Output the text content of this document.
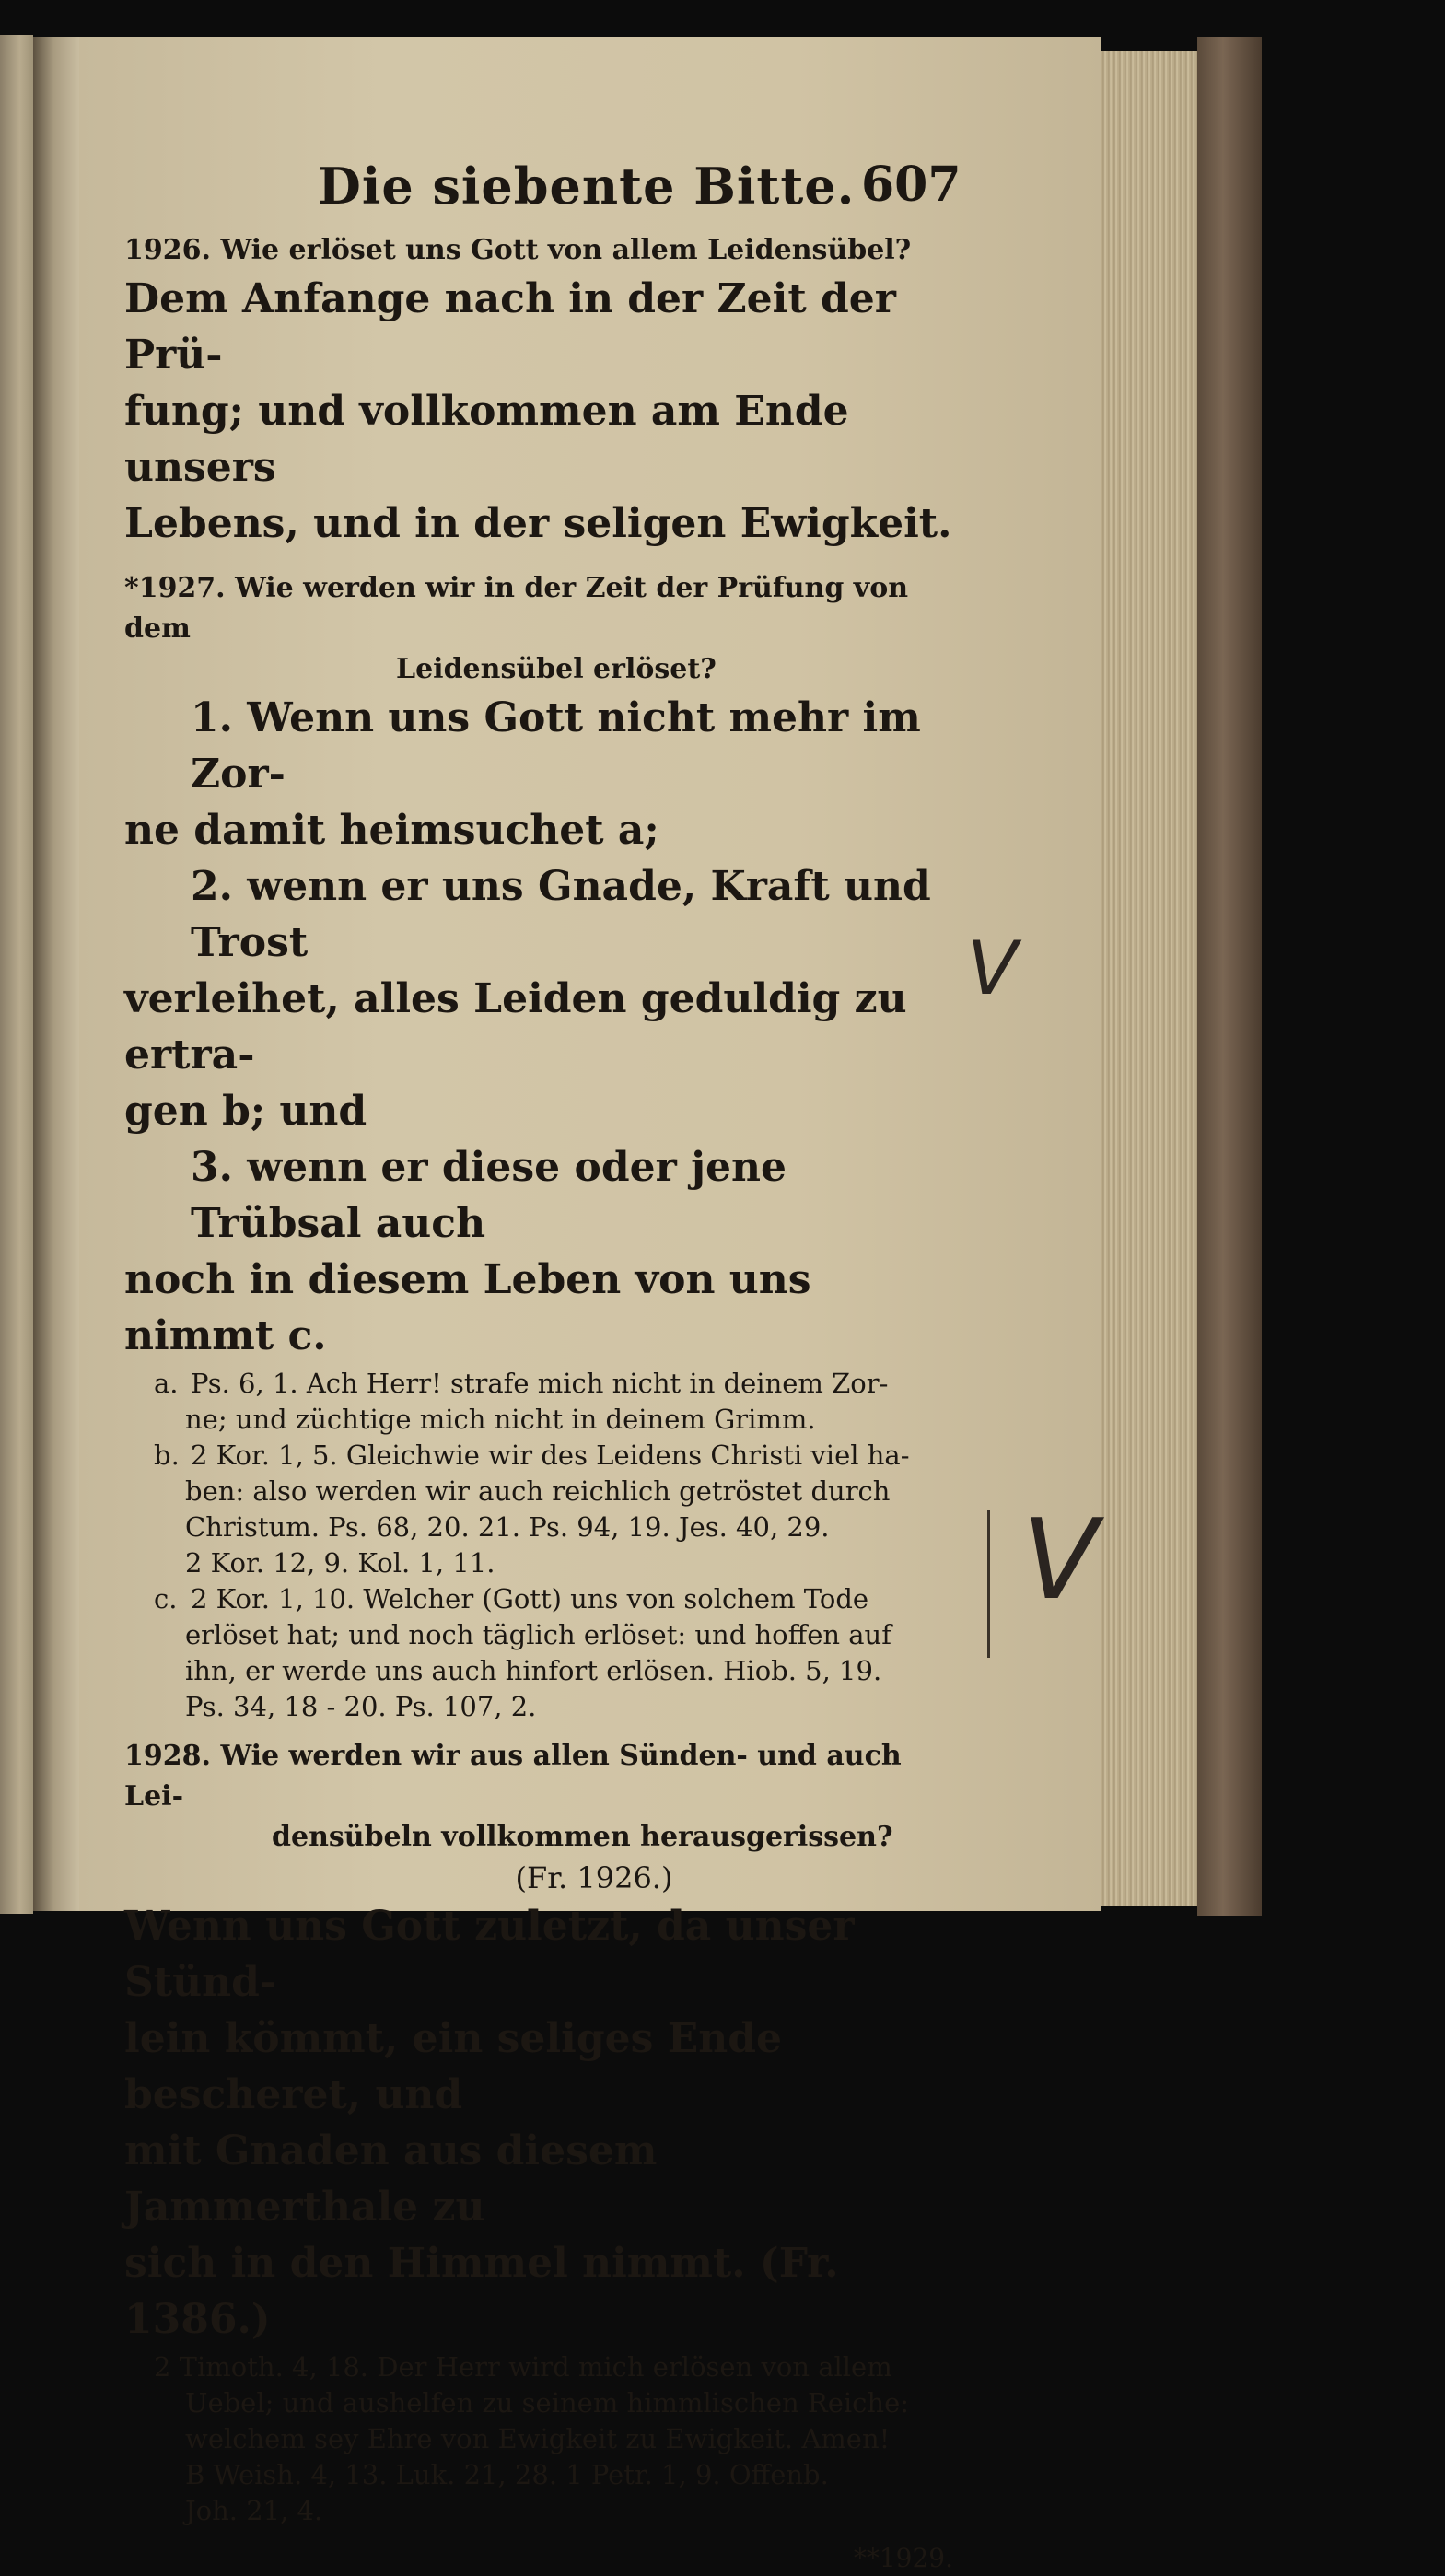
Die siebente Bitte. 607

1926. Wie erlöset uns Gott von allem Leidensübel?

Dem Anfange nach in der Zeit der Prü-

fung; und vollkommen am Ende unsers

Lebens, und in der seligen Ewigkeit.

*1927. Wie werden wir in der Zeit der Prüfung von dem

Leidensübel erlöset?

1. Wenn uns Gott nicht mehr im Zor-

ne damit heimsuchet a;

2. wenn er uns Gnade, Kraft und Trost

verleihet, alles Leiden geduldig zu ertra-

gen b; und

3. wenn er diese oder jene Trübsal auch

noch in diesem Leben von uns nimmt c.

a. Ps. 6, 1. Ach Herr! strafe mich nicht in deinem Zor-

ne; und züchtige mich nicht in deinem Grimm.

b. 2 Kor. 1, 5. Gleichwie wir des Leidens Christi viel ha-

ben: also werden wir auch reichlich getröstet durch

Christum. Ps. 68, 20. 21. Ps. 94, 19. Jes. 40, 29.

2 Kor. 12, 9. Kol. 1, 11.

c. 2 Kor. 1, 10. Welcher (Gott) uns von solchem Tode

erlöset hat; und noch täglich erlöset: und hoffen auf

ihn, er werde uns auch hinfort erlösen. Hiob. 5, 19.

Ps. 34, 18 - 20. Ps. 107, 2.

1928. Wie werden wir aus allen Sünden- und auch Lei-

densübeln vollkommen herausgerissen?

(Fr. 1926.)

Wenn uns Gott zuletzt, da unser Stünd-

lein kömmt, ein seliges Ende bescheret, und

mit Gnaden aus diesem Jammerthale zu

sich in den Himmel nimmt. (Fr. 1386.)

2 Timoth. 4, 18. Der Herr wird mich erlösen von allem

Uebel; und aushelfen zu seinem himmlischen Reiche:

welchem sey Ehre von Ewigkeit zu Ewigkeit. Amen!

B Weish. 4, 13. Luk. 21, 28. 1 Petr. 1, 9. Offenb.

Joh. 21, 4.

**1929.

V
V
